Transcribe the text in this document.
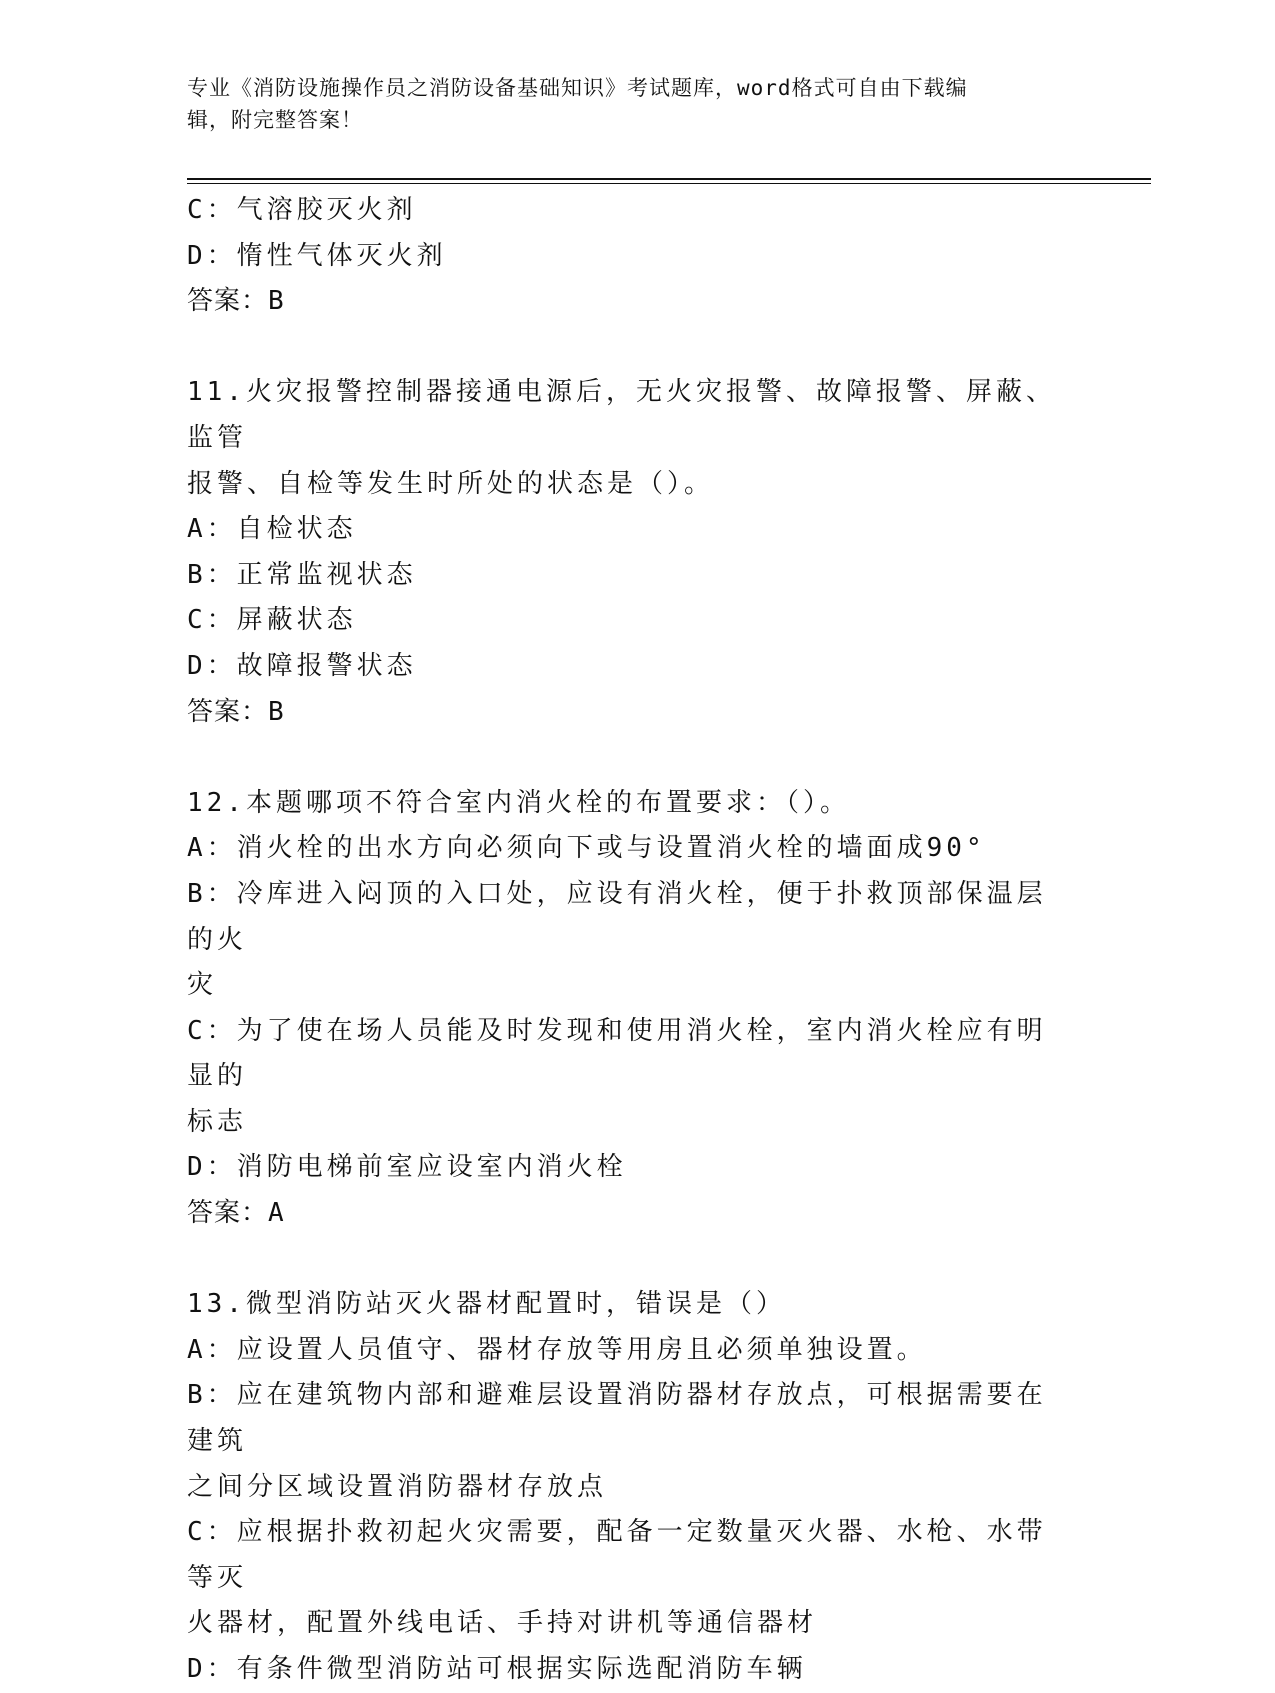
专业《消防设施操作员之消防设备基础知识》考试题库，word格式可自由下载编
辑，附完整答案！
C：气溶胶灭火剂
D：惰性气体灭火剂
答案：B
11.火灾报警控制器接通电源后，无火灾报警、故障报警、屏蔽、监管
报警、自检等发生时所处的状态是（）。
A：自检状态
B：正常监视状态
C：屏蔽状态
D：故障报警状态
答案：B
12.本题哪项不符合室内消火栓的布置要求：（）。
A：消火栓的出水方向必须向下或与设置消火栓的墙面成90°
B：冷库进入闷顶的入口处，应设有消火栓，便于扑救顶部保温层的火
灾
C：为了使在场人员能及时发现和使用消火栓，室内消火栓应有明显的
标志
D：消防电梯前室应设室内消火栓
答案：A
13.微型消防站灭火器材配置时，错误是（）
A：应设置人员值守、器材存放等用房且必须单独设置。
B：应在建筑物内部和避难层设置消防器材存放点，可根据需要在建筑
之间分区域设置消防器材存放点
C：应根据扑救初起火灾需要，配备一定数量灭火器、水枪、水带等灭
火器材，配置外线电话、手持对讲机等通信器材
D：有条件微型消防站可根据实际选配消防车辆
